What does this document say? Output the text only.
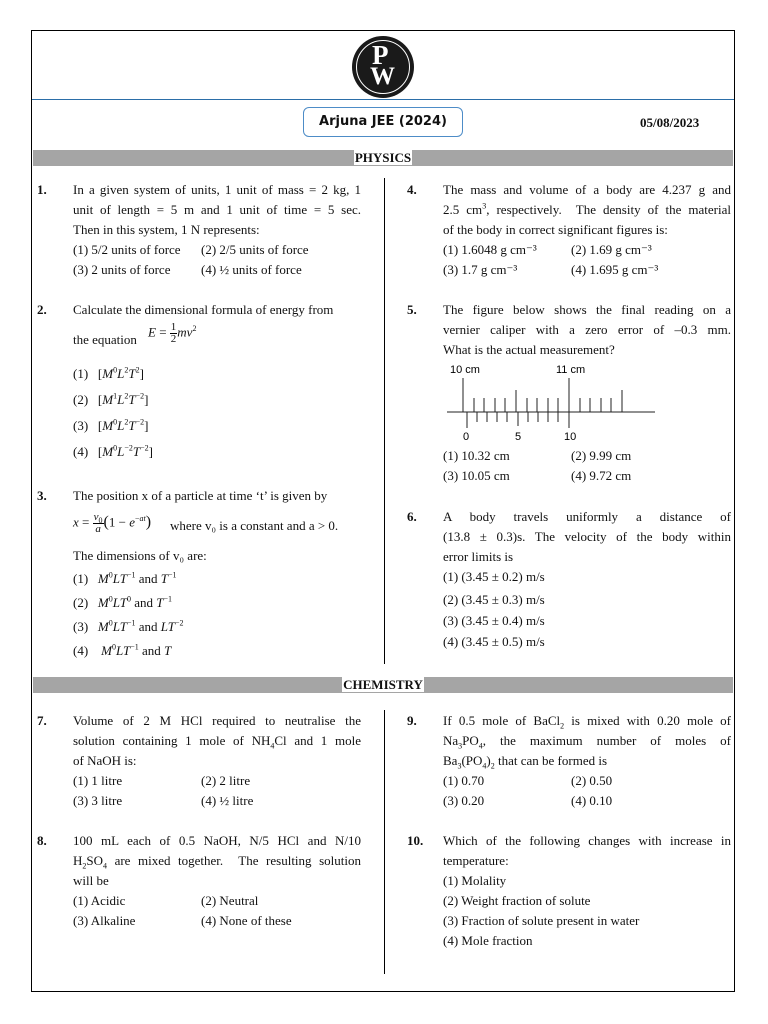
P
W
Arjuna JEE (2024)	05/08/2023
PHYSICS
1. In a given system of units, 1 unit of mass = 2 kg, 1
unit of length = 5 m and 1 unit of time = 5 sec.
Then in this system, 1 N represents:
(1) 5/2 units of force (2) 2/5 units of force
(3) 2 units of force (4) ½ units of force
2. Calculate the dimensional formula of energy from
the equation
$E = \frac{1}{2} mv^2$
(1)   $[M^0L^2T^2]$
(2)   $[M^1L^2T^{-2}]$
(3)   $[M^0L^2T^{-2}]$
(4)   $[M^0L^{-2}T^{-2}]$
3. The position x of a particle at time ‘t’ is given by
$x = \frac{v_0}{a} (1 - e^{-at})$ where v₀ is a constant and a > 0.
The dimensions of v₀ are:
(1) $M^0LT^{-1}$ and $T^{-1}$
(2) $M^0LT^0$ and $T^{-1}$
(3) $M^0LT^{-1}$ and $LT^{-2}$
(4) $M^0LT^{-1}$ and T
4. The mass and volume of a body are 4.237 g and
2.5 $cm^3$, respectively.  The density of the material
of the body in correct significant figures is:
(1) 1.6048 g cm⁻³	(2) 1.69 g cm⁻³
(3) 1.7 g cm⁻³	(4) 1.695 g cm⁻³
5. The figure below shows the final reading on a
vernier caliper with a zero error of –0.3 mm.
What is the actual measurement?
10 cm	11 cm
0	5	10
(1) 10.32 cm	(2) 9.99 cm
(3) 10.05 cm	(4) 9.72 cm
6. A body travels uniformly a distance of
(13.8 ± 0.3)s. The velocity of the body within
error limits is
(1) (3.45 ± 0.2) m/s
(2) (3.45 ± 0.3) m/s
(3) (3.45 ± 0.4) m/s
(4) (3.45 ± 0.5) m/s
CHEMISTRY
7. Volume of 2 M HCl required to neutralise the
solution containing 1 mole of $NH_4Cl$ and 1 mole
of NaOH is:
(1) 1 litre	(2) 2 litre
(3) 3 litre	(4) ½ litre
8. 100 mL each of 0.5 NaOH, N/5 HCl and N/10
$H_2SO_4$ are mixed together.  The resulting solution
will be
(1) Acidic	(2) Neutral
(3) Alkaline	(4) None of these
9. If 0.5 mole of BaCl$_2$ is mixed with 0.20 mole of
$Na_3PO_4$,  the  maximum  number  of  moles  of
$Ba_3(PO_4)_2$ that can be formed is
(1) 0.70	(2) 0.50
(3) 0.20	(4) 0.10
10. Which of the following changes with increase in
temperature:
(1) Molality
(2) Weight fraction of solute
(3) Fraction of solute present in water
(4) Mole fraction
